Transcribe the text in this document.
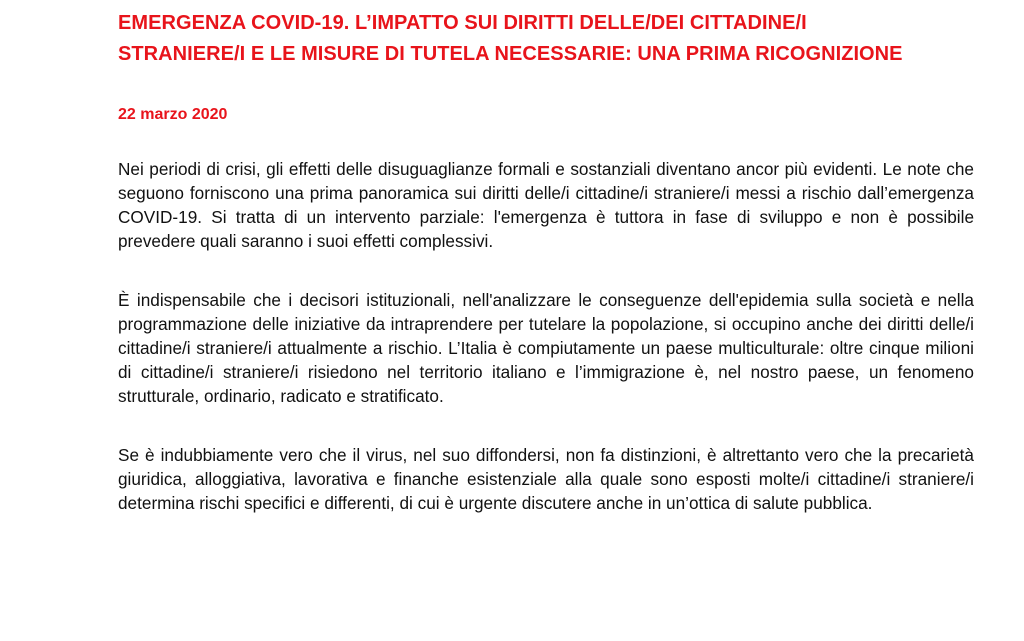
EMERGENZA COVID-19. L’IMPATTO SUI DIRITTI DELLE/DEI CITTADINE/I STRANIERE/I E LE MISURE DI TUTELA NECESSARIE: UNA PRIMA RICOGNIZIONE
22 marzo 2020

Nei periodi di crisi, gli effetti delle disuguaglianze formali e sostanziali diventano ancor più evidenti. Le note che seguono forniscono una prima panoramica sui diritti delle/i cittadine/i straniere/i messi a rischio dall’emergenza COVID-19. Si tratta di un intervento parziale: l'emergenza è tuttora in fase di sviluppo e non è possibile prevedere quali saranno i suoi effetti complessivi.

È indispensabile che i decisori istituzionali, nell'analizzare le conseguenze dell'epidemia sulla società e nella programmazione delle iniziative da intraprendere per tutelare la popolazione, si occupino anche dei diritti delle/i cittadine/i straniere/i attualmente a rischio. L’Italia è compiutamente un paese multiculturale: oltre cinque milioni di cittadine/i straniere/i risiedono nel territorio italiano e l’immigrazione è, nel nostro paese, un fenomeno strutturale, ordinario, radicato e stratificato.

Se è indubbiamente vero che il virus, nel suo diffondersi, non fa distinzioni, è altrettanto vero che la precarietà giuridica, alloggiativa, lavorativa e finanche esistenziale alla quale sono esposti molte/i cittadine/i straniere/i determina rischi specifici e differenti, di cui è urgente discutere anche in un’ottica di salute pubblica.
